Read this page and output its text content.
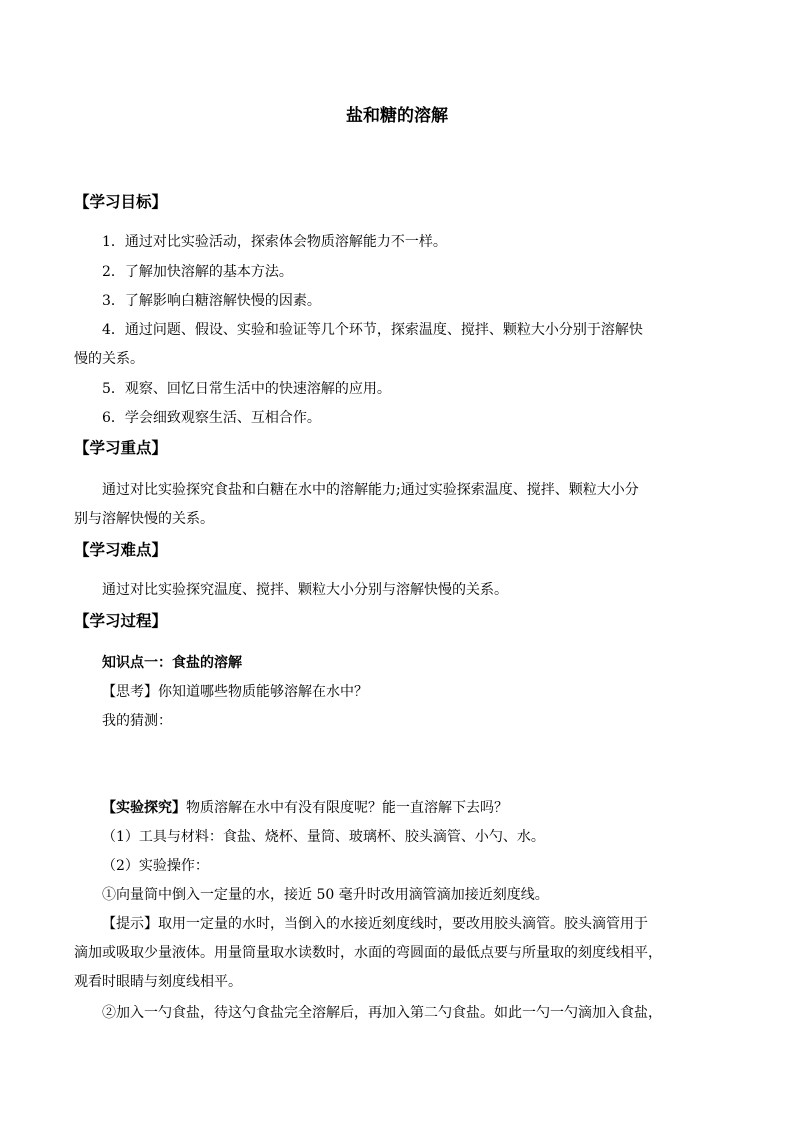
盐和糖的溶解
【学习目标】
1．通过对比实验活动，探索体会物质溶解能力不一样。
2．了解加快溶解的基本方法。
3．了解影响白糖溶解快慢的因素。
4．通过问题、假设、实验和验证等几个环节，探索温度、搅拌、颗粒大小分别于溶解快
慢的关系。
5．观察、回忆日常生活中的快速溶解的应用。
6．学会细致观察生活、互相合作。
【学习重点】
通过对比实验探究食盐和白糖在水中的溶解能力;通过实验探索温度、搅拌、颗粒大小分
别与溶解快慢的关系。
【学习难点】
通过对比实验探究温度、搅拌、颗粒大小分别与溶解快慢的关系。
【学习过程】
知识点一：食盐的溶解
【思考】你知道哪些物质能够溶解在水中？
我的猜测：
【实验探究】物质溶解在水中有没有限度呢？能一直溶解下去吗？
（1）工具与材料：食盐、烧杯、量筒、玻璃杯、胶头滴管、小勺、水。
（2）实验操作：
①向量筒中倒入一定量的水，接近 50 毫升时改用滴管滴加接近刻度线。
【提示】取用一定量的水时，当倒入的水接近刻度线时，要改用胶头滴管。胶头滴管用于
滴加或吸取少量液体。用量筒量取水读数时，水面的弯圆面的最低点要与所量取的刻度线相平，
观看时眼睛与刻度线相平。
②加入一勺食盐，待这勺食盐完全溶解后，再加入第二勺食盐。如此一勺一勺滴加入食盐，
